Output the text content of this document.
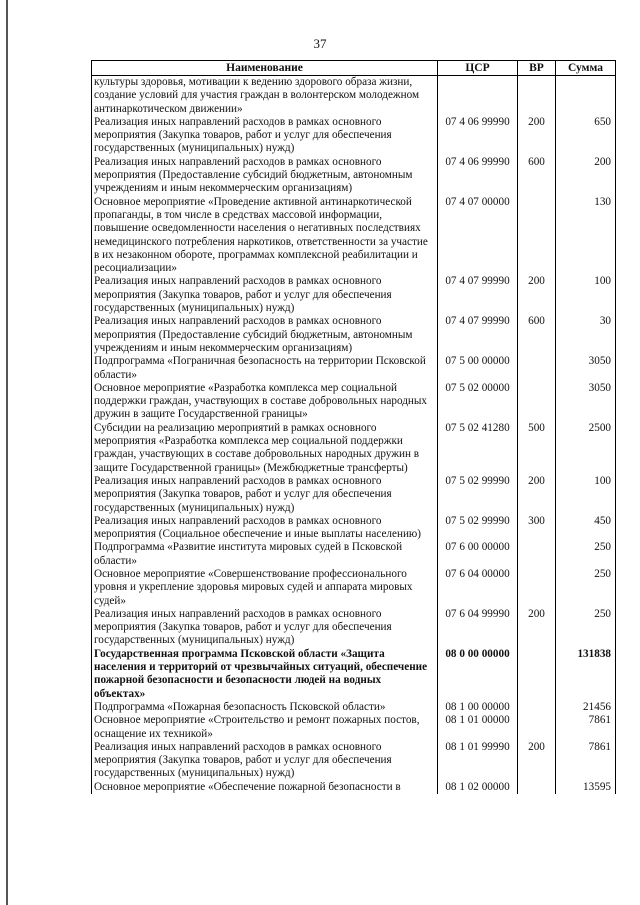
37
Наименование	ЦСР	ВР	Сумма
культуры здоровья, мотивации к ведению здорового образа жизни, создание условий для участия граждан в волонтерском молодежном антинаркотическом движении»			
Реализация иных направлений расходов в рамках основного мероприятия (Закупка товаров, работ и услуг для обеспечения государственных (муниципальных) нужд)	07 4 06 99990	200	650
Реализация иных направлений расходов в рамках основного мероприятия (Предоставление субсидий бюджетным, автономным учреждениям и иным некоммерческим организациям)	07 4 06 99990	600	200
Основное мероприятие «Проведение активной антинаркотической пропаганды, в том числе в средствах массовой информации, повышение осведомленности населения о негативных последствиях немедицинского потребления наркотиков, ответственности за участие в их незаконном обороте, программах комплексной реабилитации и ресоциализации»	07 4 07 00000		130
Реализация иных направлений расходов в рамках основного мероприятия (Закупка товаров, работ и услуг для обеспечения государственных (муниципальных) нужд)	07 4 07 99990	200	100
Реализация иных направлений расходов в рамках основного мероприятия (Предоставление субсидий бюджетным, автономным учреждениям и иным некоммерческим организациям)	07 4 07 99990	600	30
Подпрограмма «Пограничная безопасность на территории Псковской области»	07 5 00 00000		3050
Основное мероприятие «Разработка комплекса мер социальной поддержки граждан, участвующих в составе добровольных народных дружин в защите Государственной границы»	07 5 02 00000		3050
Субсидии на реализацию мероприятий в рамках основного мероприятия «Разработка комплекса мер социальной поддержки граждан, участвующих в составе добровольных народных дружин в защите Государственной границы» (Межбюджетные трансферты)	07 5 02 41280	500	2500
Реализация иных направлений расходов в рамках основного мероприятия (Закупка товаров, работ и услуг для обеспечения государственных (муниципальных) нужд)	07 5 02 99990	200	100
Реализация иных направлений расходов в рамках основного мероприятия (Социальное обеспечение и иные выплаты населению)	07 5 02 99990	300	450
Подпрограмма «Развитие института мировых судей в Псковской области»	07 6 00 00000		250
Основное мероприятие «Совершенствование профессионального уровня и укрепление здоровья мировых судей и аппарата мировых судей»	07 6 04 00000		250
Реализация иных направлений расходов в рамках основного мероприятия (Закупка товаров, работ и услуг для обеспечения государственных (муниципальных) нужд)	07 6 04 99990	200	250
Государственная программа Псковской области «Защита населения и территорий от чрезвычайных ситуаций, обеспечение пожарной безопасности и безопасности людей на водных объектах»	08 0 00 00000		131838
Подпрограмма «Пожарная безопасность Псковской области»	08 1 00 00000		21456
Основное мероприятие «Строительство и ремонт пожарных постов, оснащение их техникой»	08 1 01 00000		7861
Реализация иных направлений расходов в рамках основного мероприятия (Закупка товаров, работ и услуг для обеспечения государственных (муниципальных) нужд)	08 1 01 99990	200	7861
Основное мероприятие «Обеспечение пожарной безопасности в	08 1 02 00000		13595
